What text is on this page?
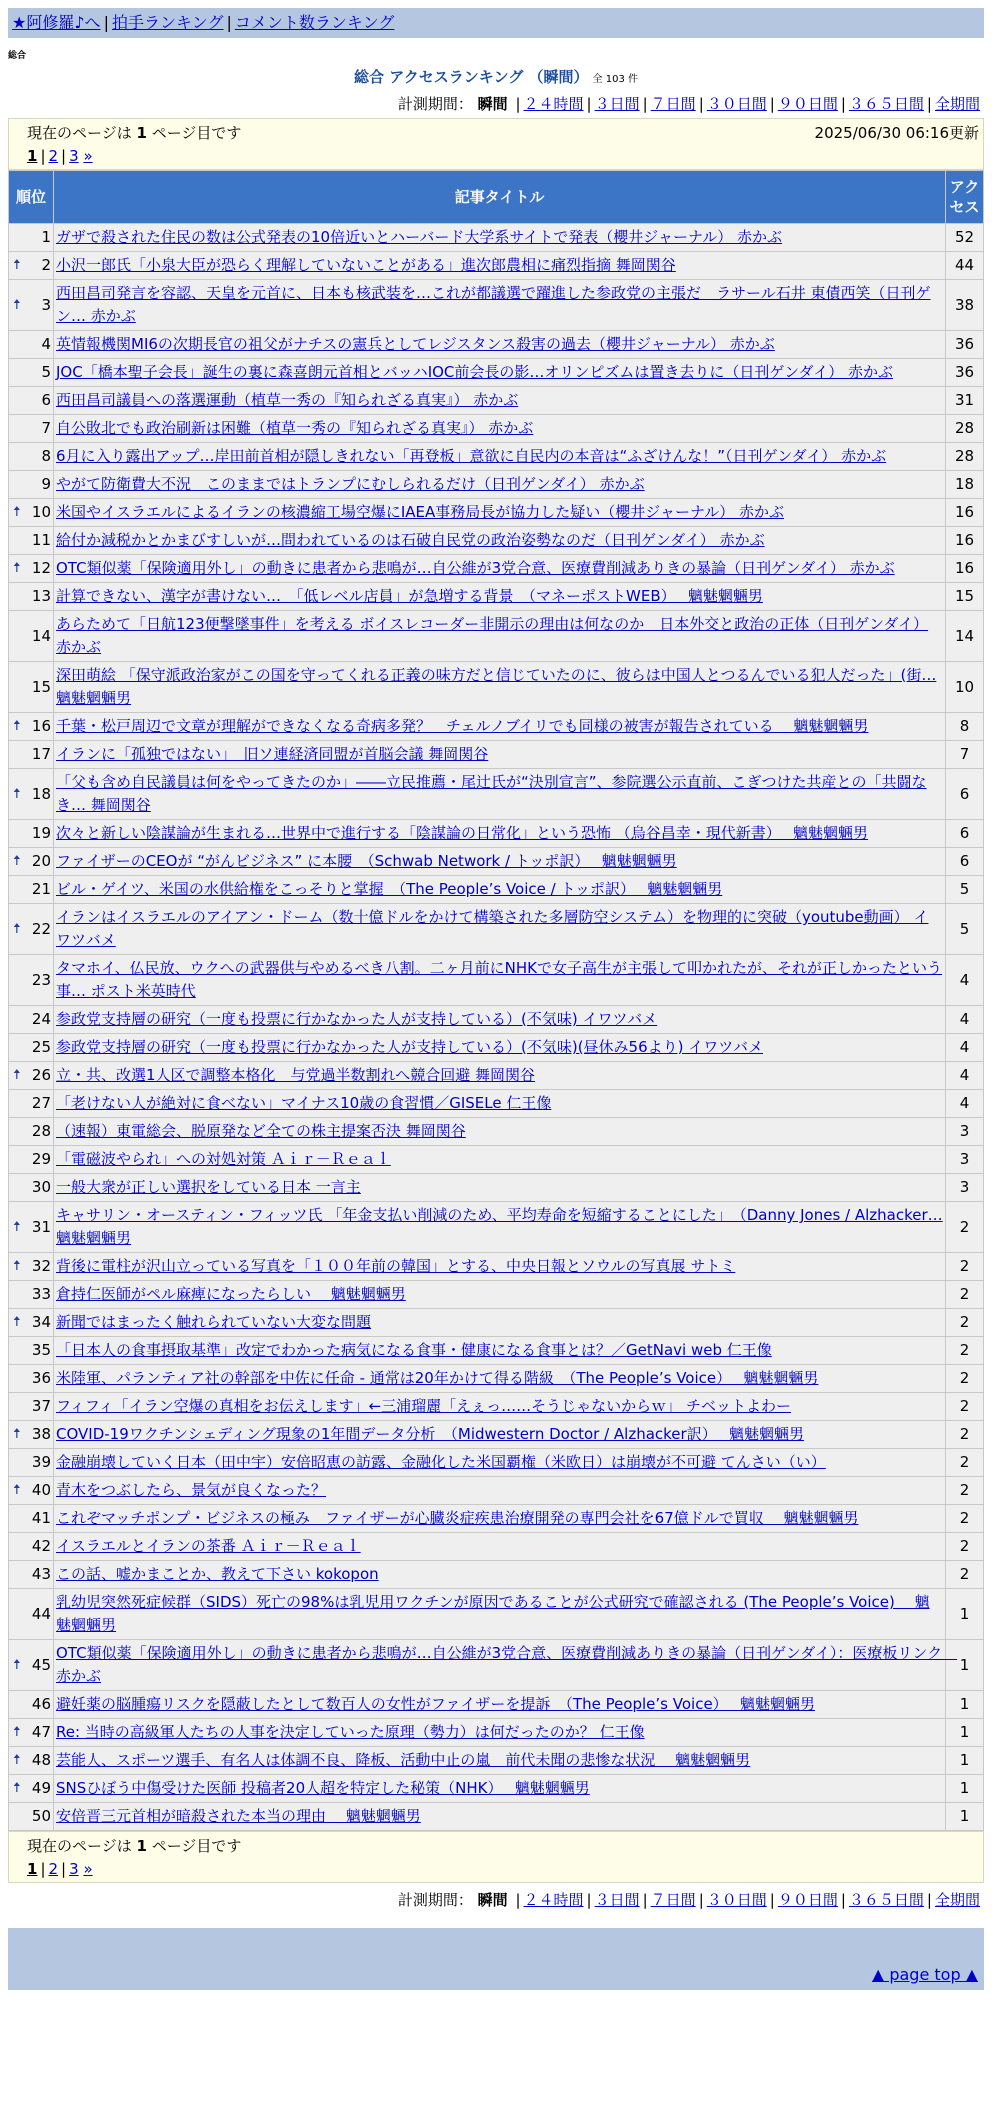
★阿修羅♪へ | 拍手ランキング | コメント数ランキング
総合
総合 アクセスランキング （瞬間） 全 103 件
計測期間： 瞬間 | ２４時間 | ３日間 | ７日間 | ３０日間 | ９０日間 | ３６５日間 | 全期間
現在のページは 1 ページ目です	2025/06/30 06:16更新
1 | 2 | 3 »
順位	記事タイトル	アクセス
1	ガザで殺された住民の数は公式発表の10倍近いとハーバード大学系サイトで発表（櫻井ジャーナル） 赤かぶ	52

🠅 2	小沢一郎氏「小泉大臣が恐らく理解していないことがある」進次郎農相に痛烈指摘 舞岡関谷	44

🠅 3	西田昌司発言を容認、天皇を元首に、日本も核武装を…これが都議選で躍進した参政党の主張だ　ラサール石井 東債西笑（日刊ゲン… 赤かぶ	38
4	英情報機関MI6の次期長官の祖父がナチスの憲兵としてレジスタンス殺害の過去（櫻井ジャーナル） 赤かぶ	36
5	JOC「橋本聖子会長」誕生の裏に森喜朗元首相とバッハIOC前会長の影…オリンピズムは置き去りに（日刊ゲンダイ） 赤かぶ	36
6	西田昌司議員への落選運動（植草一秀の『知られざる真実』） 赤かぶ	31
7	自公敗北でも政治刷新は困難（植草一秀の『知られざる真実』） 赤かぶ	28
8	6月に入り露出アップ…岸田前首相が隠しきれない「再登板」意欲に自民内の本音は“ふざけんな！”（日刊ゲンダイ） 赤かぶ	28
9	やがて防衛費大不況　このままではトランプにむしられるだけ（日刊ゲンダイ） 赤かぶ	18

🠅 10	米国やイスラエルによるイランの核濃縮工場空爆にIAEA事務局長が協力した疑い（櫻井ジャーナル） 赤かぶ	16
11	給付か減税かとかまびすしいが…問われているのは石破自民党の政治姿勢なのだ（日刊ゲンダイ） 赤かぶ	16

🠅 12	OTC類似薬「保険適用外し」の動きに患者から悲鳴が…自公維が3党合意、医療費削減ありきの暴論（日刊ゲンダイ） 赤かぶ	16
13	計算できない、漢字が書けない…　「低レベル店員」が急増する背景　（マネーポストWEB）　 魑魅魍魎男	15
14	あらためて「日航123便撃墜事件」を考える ボイスレコーダー非開示の理由は何なのか　日本外交と政治の正体（日刊ゲンダイ） 赤かぶ	14
15	深田萌絵 「保守派政治家がこの国を守ってくれる正義の味方だと信じていたのに、彼らは中国人とつるんでいる犯人だった」(街… 魑魅魍魎男	10

🠅 16	千葉・松戸周辺で文章が理解ができなくなる奇病多発？　チェルノブイリでも同様の被害が報告されている　 魑魅魍魎男	8
17	イランに「孤独ではない」　旧ソ連経済同盟が首脳会議 舞岡関谷	7

🠅 18	「父も含め自民議員は何をやってきたのか」――立民推薦・尾辻氏が“決別宣言”、参院選公示直前、こぎつけた共産との「共闘なき… 舞岡関谷	6
19	次々と新しい陰謀論が生まれる…世界中で進行する「陰謀論の日常化」という恐怖 （烏谷昌幸・現代新書）　 魑魅魍魎男	6

🠅 20	ファイザーのCEOが “がんビジネス” に本腰　（Schwab Network / トッポ訳）　 魑魅魍魎男	6
21	ビル・ゲイツ、米国の水供給権をこっそりと掌握　（The People’s Voice / トッポ訳）　 魑魅魍魎男	5

🠅 22	イランはイスラエルのアイアン・ドーム（数十億ドルをかけて構築された多層防空システム）を物理的に突破（youtube動画） イワツバメ	5
23	タマホイ、仏民放、ウクへの武器供与やめるべき八割。二ヶ月前にNHKで女子高生が主張して叩かれたが、それが正しかったという事… ポスト米英時代	4
24	参政党支持層の研究（一度も投票に行かなかった人が支持している）(不気味) イワツバメ	4
25	参政党支持層の研究（一度も投票に行かなかった人が支持している）(不気味)(昼休み56より) イワツバメ	4

🠅 26	立・共、改選1人区で調整本格化　与党過半数割れへ競合回避 舞岡関谷	4
27	「老けない人が絶対に食べない」マイナス10歳の食習慣／GISELe 仁王像	4
28	（速報）東電総会、脱原発など全ての株主提案否決 舞岡関谷	3
29	「電磁波やられ」への対処対策 Ａｉｒ－Ｒｅａｌ	3
30	一般大衆が正しい選択をしている日本 一言主	3

🠅 31	キャサリン・オースティン・フィッツ氏 「年金支払い削減のため、平均寿命を短縮することにした」　（Danny Jones / Alzhacker… 魑魅魍魎男	2

🠅 32	背後に電柱が沢山立っている写真を「１００年前の韓国」とする、中央日報とソウルの写真展 サトミ	2
33	倉持仁医師がペル麻痺になったらしい　 魑魅魍魎男	2

🠅 34	新聞ではまったく触れられていない大変な問題	2
35	「日本人の食事摂取基準」改定でわかった病気になる食事・健康になる食事とは？／GetNavi web 仁王像	2
36	米陸軍、パランティア社の幹部を中佐に任命 - 通常は20年かけて得る階級　（The People’s Voice）　 魑魅魍魎男	2
37	フィフィ「イラン空爆の真相をお伝えします」←三浦瑠麗「えぇっ……そうじゃないからｗ」 チベットよわー	2

🠅 38	COVID-19ワクチンシェディング現象の1年間データ分析　（Midwestern Doctor / Alzhacker訳）　 魑魅魍魎男	2
39	金融崩壊していく日本（田中宇）安倍昭恵の訪露、金融化した米国覇権（米欧日）は崩壊が不可避 てんさい（い）	2

🠅 40	青木をつぶしたら、景気が良くなった？	2
41	これぞマッチポンプ・ビジネスの極み　ファイザーが心臓炎症疾患治療開発の専門会社を67億ドルで買収　 魑魅魍魎男	2
42	イスラエルとイランの茶番 Ａｉｒ－Ｒｅａｌ	2
43	この話、嘘かまことか、教えて下さい kokopon	2
44	乳幼児突然死症候群（SIDS）死亡の98%は乳児用ワクチンが原因であることが公式研究で確認される (The People’s Voice)　 魑魅魍魎男	1

🠅 45	OTC類似薬「保険適用外し」の動きに患者から悲鳴が…自公維が3党合意、医療費削減ありきの暴論（日刊ゲンダイ）：医療板リンク　赤かぶ	1
46	避妊薬の脳腫瘍リスクを隠蔽したとして数百人の女性がファイザーを提訴　（The People’s Voice）　 魑魅魍魎男	1

🠅 47	Re: 当時の高級軍人たちの人事を決定していった原理（勢力）は何だったのか？ 仁王像	1

🠅 48	芸能人、スポーツ選手、有名人は体調不良、降板、活動中止の嵐　前代未聞の悲惨な状況　 魑魅魍魎男	1

🠅 49	SNSひぼう中傷受けた医師 投稿者20人超を特定した秘策（NHK）　 魑魅魍魎男	1
50	安倍晋三元首相が暗殺された本当の理由　 魑魅魍魎男	1
現在のページは 1 ページ目です
1 | 2 | 3 »
計測期間： 瞬間 | ２４時間 | ３日間 | ７日間 | ３０日間 | ９０日間 | ３６５日間 | 全期間
▲ page top ▲
